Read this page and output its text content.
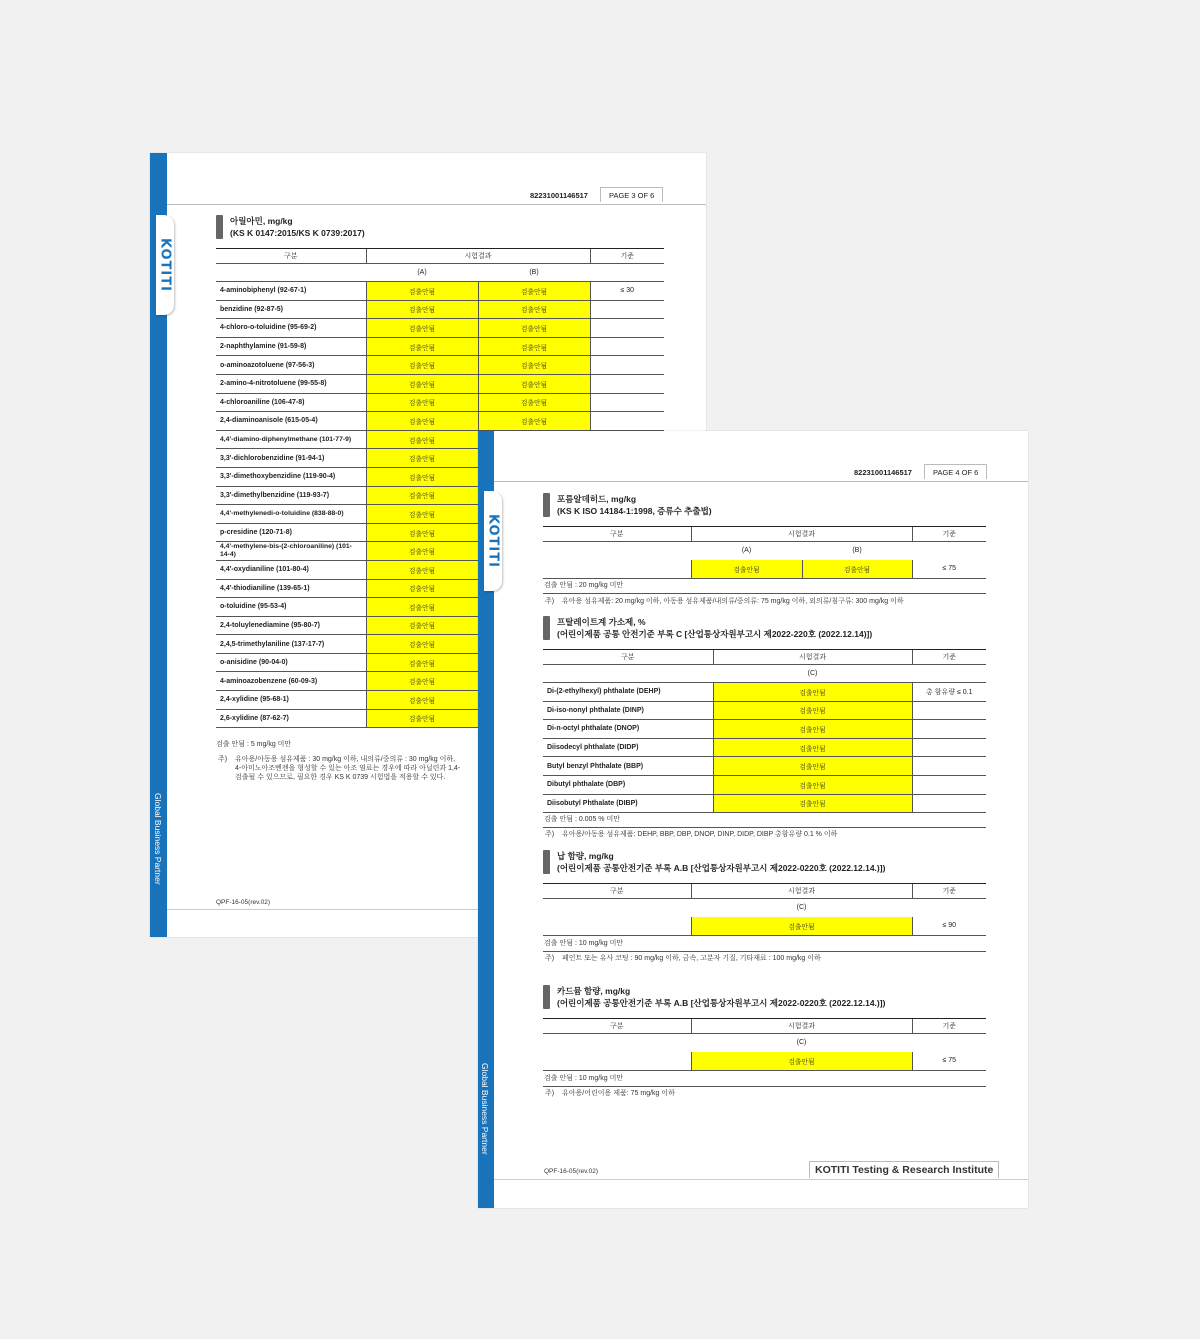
KOTITI
Global Business Partner
82231001146517	PAGE 3 OF 6
아릴아민, mg/kg
(KS K 0147:2015/KS K 0739:2017)
구분	시험결과		기준
	(A)	(B)	
4-aminobiphenyl (92-67-1)	검출안됨	검출안됨	≤ 30
benzidine (92-87-5)	검출안됨	검출안됨	
4-chloro-o-toluidine (95-69-2)	검출안됨	검출안됨	
2-naphthylamine (91-59-8)	검출안됨	검출안됨	
o-aminoazotoluene (97-56-3)	검출안됨	검출안됨	
2-amino-4-nitrotoluene (99-55-8)	검출안됨	검출안됨	
4-chloroaniline (106-47-8)	검출안됨	검출안됨	
2,4-diaminoanisole (615-05-4)	검출안됨	검출안됨	
4,4'-diamino-diphenylmethane (101-77-9)	검출안됨		
3,3'-dichlorobenzidine (91-94-1)	검출안됨		
3,3'-dimethoxybenzidine (119-90-4)	검출안됨		
3,3'-dimethylbenzidine (119-93-7)	검출안됨		
4,4'-methylenedi-o-toluidine (838-88-0)	검출안됨		
p-cresidine (120-71-8)	검출안됨		
4,4'-methylene-bis-(2-chloroaniline) (101-14-4)	검출안됨		
4,4'-oxydianiline (101-80-4)	검출안됨		
4,4'-thiodianiline (139-65-1)	검출안됨		
o-toluidine (95-53-4)	검출안됨		
2,4-toluylenediamine (95-80-7)	검출안됨		
2,4,5-trimethylaniline (137-17-7)	검출안됨		
o-anisidine (90-04-0)	검출안됨		
4-aminoazobenzene (60-09-3)	검출안됨		
2,4-xylidine (95-68-1)	검출안됨		
2,6-xylidine (87-62-7)	검출안됨		
검출 안됨 : 5 mg/kg 미만
주) 유아용/아동용 섬유제품 : 30 mg/kg 이하, 내의류/중의류 : 30 mg/kg 이하,
4-아미노아조벤젠을 형성할 수 있는 아조 염료는 경우에 따라 아닐린과 1,4-
검출될 수 있으므로, 필요한 경우 KS K 0739 시험법을 적용할 수 있다.
QPF-16-05(rev.02)
KOTITI
Global Business Partner
82231001146517	PAGE 4 OF 6
포름알데히드, mg/kg
(KS K ISO 14184-1:1998, 증류수 추출법)
구분	시험결과		기준
	(A)	(B)	
	검출안됨	검출안됨	≤ 75
검출 안됨 : 20 mg/kg 미만
주) 유아용 섬유제품: 20 mg/kg 이하, 아동용 섬유제품/내의류/중의류: 75 mg/kg 이하, 외의류/침구류: 300 mg/kg 이하
프탈레이트계 가소제, %
(어린이제품 공통 안전기준 부록 C [산업통상자원부고시 제2022-220호 (2022.12.14)])
구분	시험결과	기준
	(C)	
Di-(2-ethylhexyl) phthalate (DEHP)	검출안됨	총 함유량 ≤ 0.1
Di-iso-nonyl phthalate (DINP)	검출안됨	
Di-n-octyl phthalate (DNOP)	검출안됨	
Diisodecyl phthalate (DIDP)	검출안됨	
Butyl benzyl Phthalate (BBP)	검출안됨	
Dibutyl phthalate (DBP)	검출안됨	
Diisobutyl Phthalate (DIBP)	검출안됨	
검출 안됨 : 0.005 % 미만
주) 유아용/아동용 섬유제품: DEHP, BBP, DBP, DNOP, DINP, DIDP, DIBP 총함유량 0.1 % 이하
납 함량, mg/kg
(어린이제품 공통안전기준 부록 A.B [산업통상자원부고시 제2022-0220호 (2022.12.14.)])
구분	시험결과	기준
	(C)	
	검출안됨	≤ 90
검출 안됨 : 10 mg/kg 미만
주) 페인트 또는 유사 코팅 : 90 mg/kg 이하, 금속, 고분자 기질, 기타재료 : 100 mg/kg 이하
카드뮴 함량, mg/kg
(어린이제품 공통안전기준 부록 A.B [산업통상자원부고시 제2022-0220호 (2022.12.14.)])
구분	시험결과	기준
	(C)	
	검출안됨	≤ 75
검출 안됨 : 10 mg/kg 미만
주) 유아용/어린이용 제품: 75 mg/kg 이하
QPF-16-05(rev.02)	KOTITI Testing & Research Institute
